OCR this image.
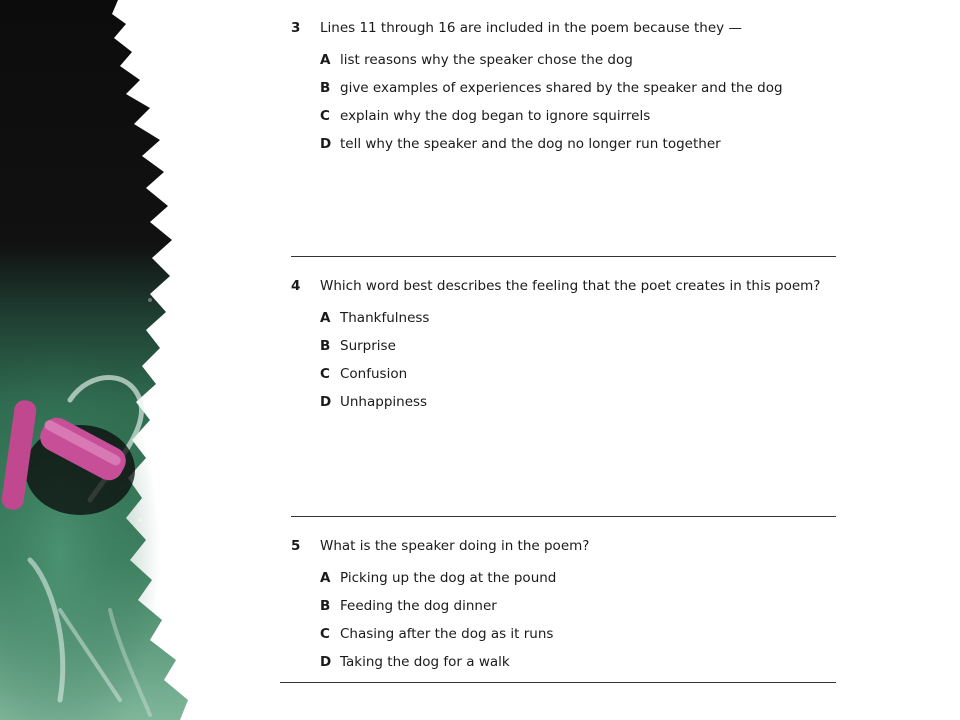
3	Lines 11 through 16 are included in the poem because they —
A list reasons why the speaker chose the dog
B give examples of experiences shared by the speaker and the dog
C explain why the dog began to ignore squirrels
D tell why the speaker and the dog no longer run together
4	Which word best describes the feeling that the poet creates in this poem?
A Thankfulness
B Surprise
C Confusion
D Unhappiness
5	What is the speaker doing in the poem?
A Picking up the dog at the pound
B Feeding the dog dinner
C Chasing after the dog as it runs
D Taking the dog for a walk
